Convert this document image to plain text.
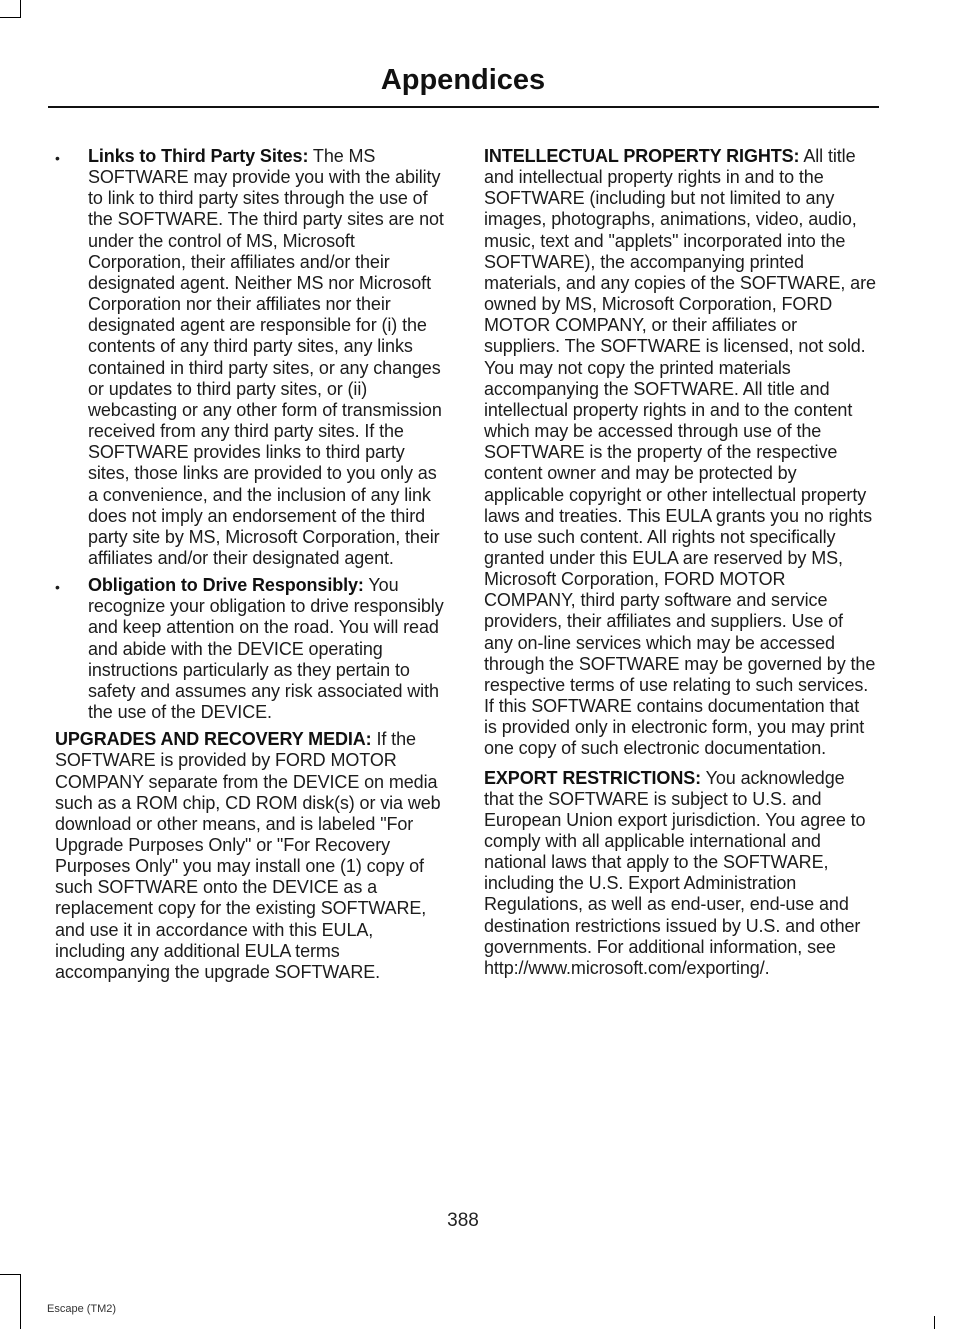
Appendices
•	Links to Third Party Sites: The MS SOFTWARE may provide you with the ability to link to third party sites through the use of the SOFTWARE. The third party sites are not under the control of MS, Microsoft Corporation, their affiliates and/or their designated agent. Neither MS nor Microsoft Corporation nor their affiliates nor their designated agent are responsible for (i) the contents of any third party sites, any links contained in third party sites, or any changes or updates to third party sites, or (ii) webcasting or any other form of transmission received from any third party sites. If the SOFTWARE provides links to third party sites, those links are provided to you only as a convenience, and the inclusion of any link does not imply an endorsement of the third party site by MS, Microsoft Corporation, their affiliates and/or their designated agent.
•	Obligation to Drive Responsibly: You recognize your obligation to drive responsibly and keep attention on the road. You will read and abide with the DEVICE operating instructions particularly as they pertain to safety and assumes any risk associated with the use of the DEVICE.

UPGRADES AND RECOVERY MEDIA: If the SOFTWARE is provided by FORD MOTOR COMPANY separate from the DEVICE on media such as a ROM chip, CD ROM disk(s) or via web download or other means, and is labeled "For Upgrade Purposes Only" or "For Recovery Purposes Only" you may install one (1) copy of such SOFTWARE onto the DEVICE as a replacement copy for the existing SOFTWARE, and use it in accordance with this EULA, including any additional EULA terms accompanying the upgrade SOFTWARE.

INTELLECTUAL PROPERTY RIGHTS: All title and intellectual property rights in and to the SOFTWARE (including but not limited to any images, photographs, animations, video, audio, music, text and "applets" incorporated into the SOFTWARE), the accompanying printed materials, and any copies of the SOFTWARE, are owned by MS, Microsoft Corporation, FORD MOTOR COMPANY, or their affiliates or suppliers. The SOFTWARE is licensed, not sold. You may not copy the printed materials accompanying the SOFTWARE. All title and intellectual property rights in and to the content which may be accessed through use of the SOFTWARE is the property of the respective content owner and may be protected by applicable copyright or other intellectual property laws and treaties. This EULA grants you no rights to use such content. All rights not specifically granted under this EULA are reserved by MS, Microsoft Corporation, FORD MOTOR COMPANY, third party software and service providers, their affiliates and suppliers. Use of any on-line services which may be accessed through the SOFTWARE may be governed by the respective terms of use relating to such services. If this SOFTWARE contains documentation that is provided only in electronic form, you may print one copy of such electronic documentation.

EXPORT RESTRICTIONS: You acknowledge that the SOFTWARE is subject to U.S. and European Union export jurisdiction. You agree to comply with all applicable international and national laws that apply to the SOFTWARE, including the U.S. Export Administration Regulations, as well as end-user, end-use and destination restrictions issued by U.S. and other governments. For additional information, see http://www.microsoft.com/exporting/.

388
Escape (TM2)
